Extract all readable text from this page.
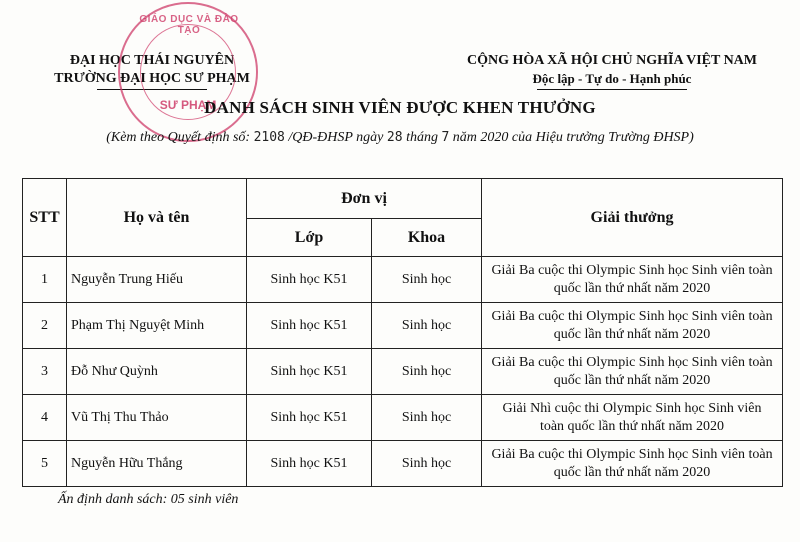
ĐẠI HỌC THÁI NGUYÊN
TRƯỜNG ĐẠI HỌC SƯ PHẠM
GIÁO DỤC VÀ ĐÀO TẠO
SƯ PHẠM
CỘNG HÒA XÃ HỘI CHỦ NGHĨA VIỆT NAM
Độc lập - Tự do - Hạnh phúc
DANH SÁCH SINH VIÊN ĐƯỢC KHEN THƯỞNG
(Kèm theo Quyết định số: 2108 /QĐ-ĐHSP ngày 28 tháng 7 năm 2020 của Hiệu trưởng Trường ĐHSP)
STT	Họ và tên	Đơn vị		Giải thưởng
		Lớp	Khoa	
1	Nguyễn Trung Hiếu	Sinh học K51	Sinh học	Giải Ba cuộc thi Olympic Sinh học Sinh viên toàn
quốc lần thứ nhất năm 2020
2	Phạm Thị Nguyệt Minh	Sinh học K51	Sinh học	Giải Ba cuộc thi Olympic Sinh học Sinh viên toàn
quốc lần thứ nhất năm 2020
3	Đỗ Như Quỳnh	Sinh học K51	Sinh học	Giải Ba cuộc thi Olympic Sinh học Sinh viên toàn
quốc lần thứ nhất năm 2020
4	Vũ Thị Thu Thảo	Sinh học K51	Sinh học	Giải Nhì cuộc thi Olympic Sinh học Sinh viên
toàn quốc lần thứ nhất năm 2020
5	Nguyễn Hữu Thắng	Sinh học K51	Sinh học	Giải Ba cuộc thi Olympic Sinh học Sinh viên toàn
quốc lần thứ nhất năm 2020
Ấn định danh sách: 05 sinh viên
